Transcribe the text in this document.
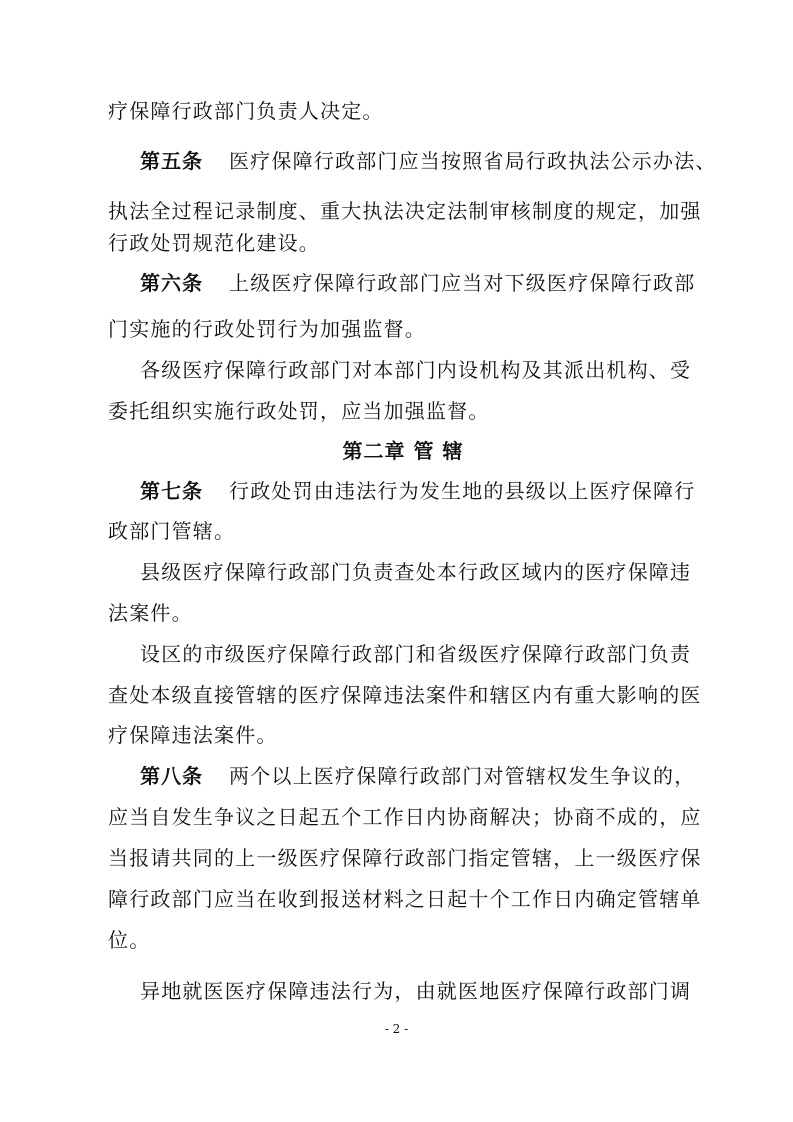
疗保障行政部门负责人决定。
第五条 医疗保障行政部门应当按照省局行政执法公示办法、
执法全过程记录制度、重大执法决定法制审核制度的规定，加强
行政处罚规范化建设。
第六条 上级医疗保障行政部门应当对下级医疗保障行政部
门实施的行政处罚行为加强监督。
各级医疗保障行政部门对本部门内设机构及其派出机构、受
委托组织实施行政处罚，应当加强监督。
第二章 管 辖
第七条 行政处罚由违法行为发生地的县级以上医疗保障行
政部门管辖。
县级医疗保障行政部门负责查处本行政区域内的医疗保障违
法案件。
设区的市级医疗保障行政部门和省级医疗保障行政部门负责
查处本级直接管辖的医疗保障违法案件和辖区内有重大影响的医
疗保障违法案件。
第八条 两个以上医疗保障行政部门对管辖权发生争议的，
应当自发生争议之日起五个工作日内协商解决；协商不成的，应
当报请共同的上一级医疗保障行政部门指定管辖，上一级医疗保
障行政部门应当在收到报送材料之日起十个工作日内确定管辖单
位。
异地就医医疗保障违法行为，由就医地医疗保障行政部门调
- 2 -
